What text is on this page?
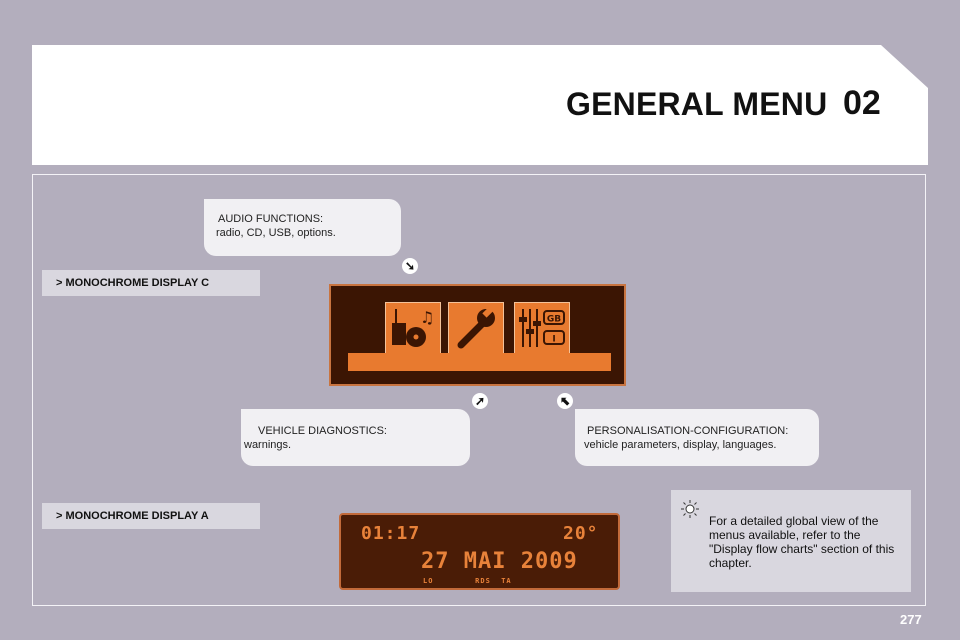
GENERAL MENU 02
AUDIO FUNCTIONS:
radio, CD, USB, options.
VEHICLE DIAGNOSTICS:
warnings.
PERSONALISATION-CONFIGURATION:
vehicle parameters, display, languages.
➘
➚	⬉
> MONOCHROME DISPLAY C
> MONOCHROME DISPLAY A
♫	GB
I
01:17	20°
27 MAI 2009
LO        RDS  TA
For a detailed global view of the menus available, refer to the "Display flow charts" section of this chapter.
277
